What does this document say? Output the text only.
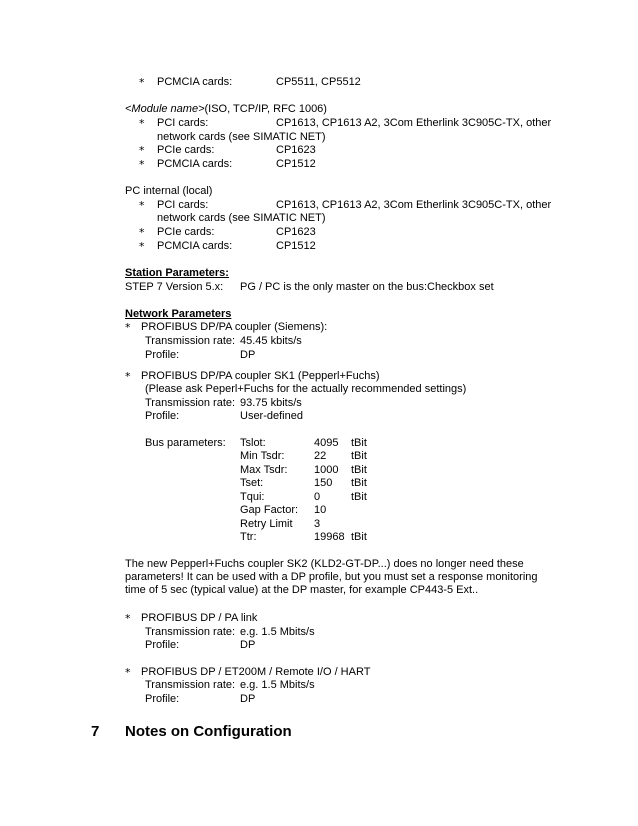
* PCMCIA cards:	CP5511, CP5512
<Module name>(ISO, TCP/IP, RFC 1006)
* PCI cards:	CP1613, CP1613 A2, 3Com Etherlink 3C905C-TX, other
network cards (see SIMATIC NET)
* PCIe cards:	CP1623
* PCMCIA cards:	CP1512
PC internal (local)
* PCI cards:	CP1613, CP1613 A2, 3Com Etherlink 3C905C-TX, other
network cards (see SIMATIC NET)
* PCIe cards:	CP1623
* PCMCIA cards:	CP1512
Station Parameters:
STEP 7 Version 5.x: PG / PC is the only master on the bus: Checkbox set
Network Parameters
* PROFIBUS DP/PA coupler (Siemens):
Transmission rate: 45.45 kbits/s
Profile:	DP
* PROFIBUS DP/PA coupler SK1 (Pepperl+Fuchs)
(Please ask Peperl+Fuchs for the actually recommended settings)
Transmission rate: 93.75 kbits/s
Profile:	User-defined
Bus parameters: Tslot:	4095 tBit
Min Tsdr:	22 tBit
Max Tsdr: 1000 tBit
Tset:	150 tBit
Tqui:	0	tBit
Gap Factor: 10
Retry Limit 3
Ttr:	19968 tBit
The new Pepperl+Fuchs coupler SK2 (KLD2-GT-DP...) does no longer need these parameters! It can be used with a DP profile, but you must set a response monitoring time of 5 sec (typical value) at the DP master, for example CP443-5 Ext..
* PROFIBUS DP / PA link
Transmission rate: e.g. 1.5 Mbits/s
Profile:	DP
* PROFIBUS DP / ET200M / Remote I/O / HART
Transmission rate: e.g. 1.5 Mbits/s
Profile:	DP
7 Notes on Configuration
